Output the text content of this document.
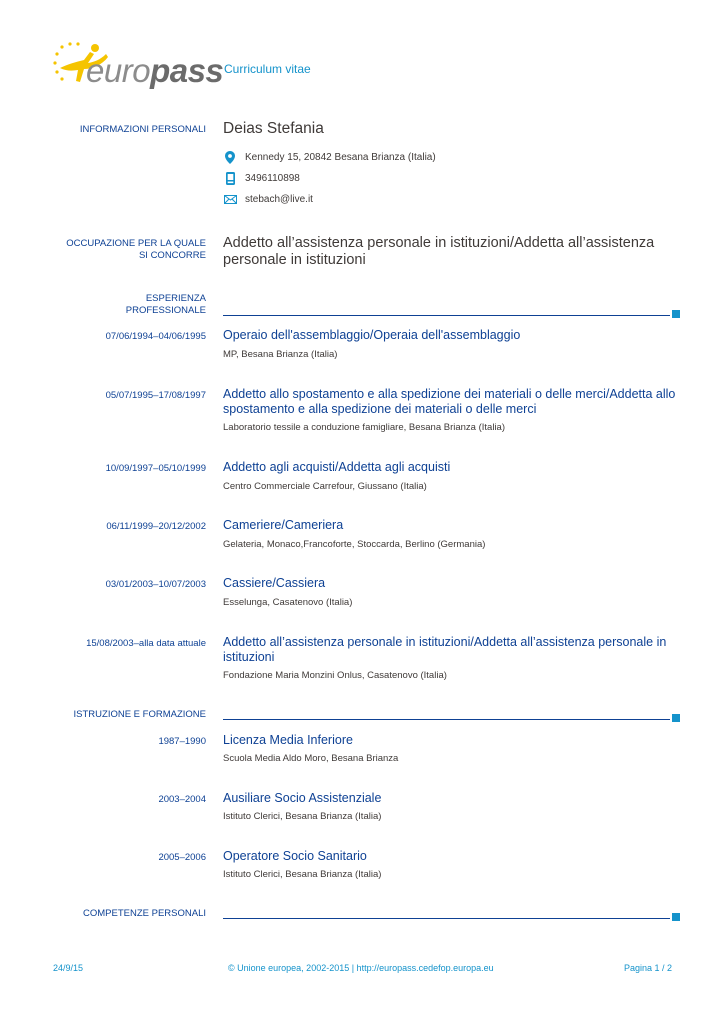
europass Curriculum vitae
INFORMAZIONI PERSONALI Deias Stefania
Kennedy 15, 20842 Besana Brianza (Italia)
3496110898
stebach@live.it
OCCUPAZIONE PER LA QUALE
SI CONCORRE
Addetto all’assistenza personale in istituzioni/Addetta all’assistenza personale in istituzioni
ESPERIENZA
PROFESSIONALE
07/06/1994–04/06/1995 Operaio dell'assemblaggio/Operaia dell'assemblaggio
MP, Besana Brianza (Italia)
05/07/1995–17/08/1997 Addetto allo spostamento e alla spedizione dei materiali o delle merci/Addetta allo spostamento e alla spedizione dei materiali o delle merci
Laboratorio tessile a conduzione famigliare, Besana Brianza (Italia)
10/09/1997–05/10/1999 Addetto agli acquisti/Addetta agli acquisti
Centro Commerciale Carrefour, Giussano (Italia)
06/11/1999–20/12/2002 Cameriere/Cameriera
Gelateria, Monaco,Francoforte, Stoccarda, Berlino (Germania)
03/01/2003–10/07/2003 Cassiere/Cassiera
Esselunga, Casatenovo (Italia)
15/08/2003–alla data attuale Addetto all’assistenza personale in istituzioni/Addetta all’assistenza personale in istituzioni
Fondazione Maria Monzini Onlus, Casatenovo (Italia)
ISTRUZIONE E FORMAZIONE
1987–1990 Licenza Media Inferiore
Scuola Media Aldo Moro, Besana Brianza
2003–2004 Ausiliare Socio Assistenziale
Istituto Clerici, Besana Brianza (Italia)
2005–2006 Operatore Socio Sanitario
Istituto Clerici, Besana Brianza (Italia)
COMPETENZE PERSONALI
24/9/15	© Unione europea, 2002-2015 | http://europass.cedefop.europa.eu	Pagina 1 / 2
